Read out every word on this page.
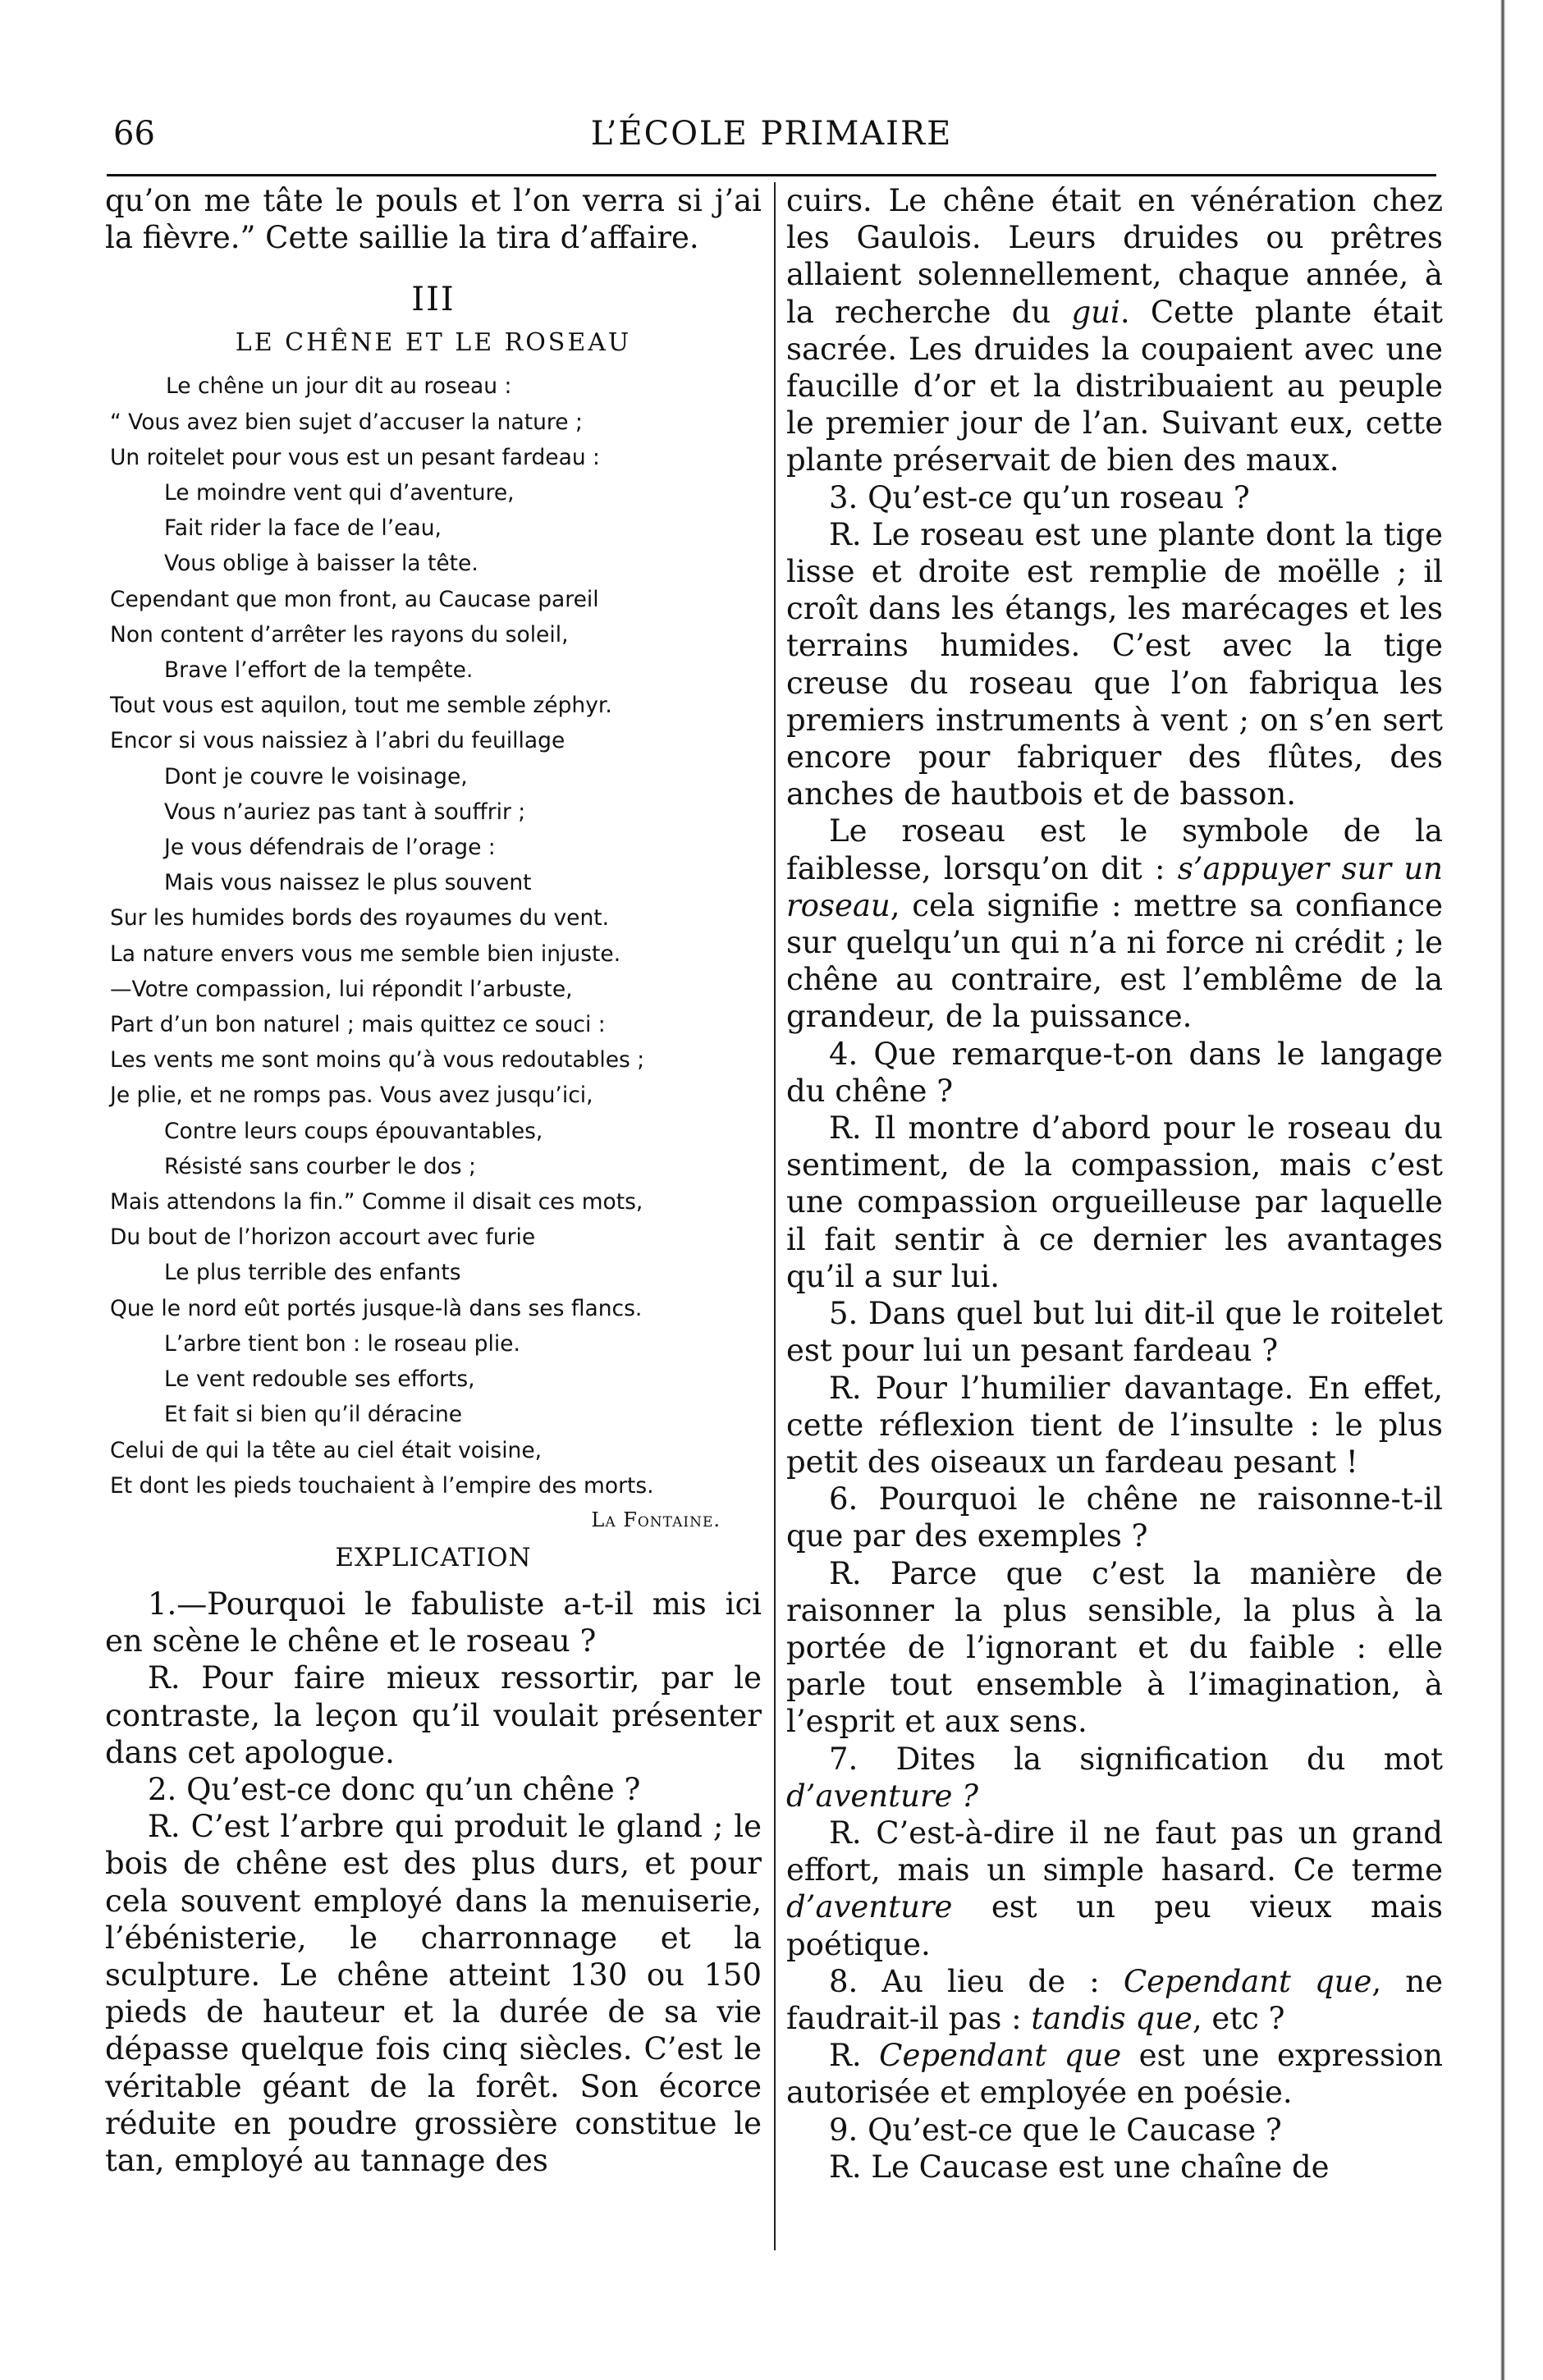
66	L’ÉCOLE PRIMAIRE

qu’on me tâte le pouls et l’on verra si j’ai la fièvre.” Cette saillie la tira d’affaire.

III
LE CHÊNE ET LE ROSEAU
Le chêne un jour dit au roseau :
“ Vous avez bien sujet d’accuser la nature ;
Un roitelet pour vous est un pesant fardeau :
Le moindre vent qui d’aventure,
Fait rider la face de l’eau,
Vous oblige à baisser la tête.
Cependant que mon front, au Caucase pareil
Non content d’arrêter les rayons du soleil,
Brave l’effort de la tempête.
Tout vous est aquilon, tout me semble zéphyr.
Encor si vous naissiez à l’abri du feuillage
Dont je couvre le voisinage,
Vous n’auriez pas tant à souffrir ;
Je vous défendrais de l’orage :
Mais vous naissez le plus souvent
Sur les humides bords des royaumes du vent.
La nature envers vous me semble bien injuste.
—Votre compassion, lui répondit l’arbuste,
Part d’un bon naturel ; mais quittez ce souci :
Les vents me sont moins qu’à vous redoutables ;
Je plie, et ne romps pas. Vous avez jusqu’ici,
Contre leurs coups épouvantables,
Résisté sans courber le dos ;
Mais attendons la fin.” Comme il disait ces mots,
Du bout de l’horizon accourt avec furie
Le plus terrible des enfants
Que le nord eût portés jusque-là dans ses flancs.
L’arbre tient bon : le roseau plie.
Le vent redouble ses efforts,
Et fait si bien qu’il déracine
Celui de qui la tête au ciel était voisine,
Et dont les pieds touchaient à l’empire des morts.
La Fontaine.
EXPLICATION

1.—Pourquoi le fabuliste a-t-il mis ici en scène le chêne et le roseau ?

R. Pour faire mieux ressortir, par le contraste, la leçon qu’il voulait présenter dans cet apologue.

2. Qu’est-ce donc qu’un chêne ?

R. C’est l’arbre qui produit le gland ; le bois de chêne est des plus durs, et pour cela souvent employé dans la menuiserie, l’ébénisterie, le charronnage et la sculpture. Le chêne atteint 130 ou 150 pieds de hauteur et la durée de sa vie dépasse quelque fois cinq siècles. C’est le véritable géant de la forêt. Son écorce réduite en poudre grossière constitue le tan, employé au tannage des

cuirs. Le chêne était en vénération chez les Gaulois. Leurs druides ou prêtres allaient solennellement, chaque année, à la recherche du gui. Cette plante était sacrée. Les druides la coupaient avec une faucille d’or et la distribuaient au peuple le premier jour de l’an. Suivant eux, cette plante préservait de bien des maux.

3. Qu’est-ce qu’un roseau ?

R. Le roseau est une plante dont la tige lisse et droite est remplie de moëlle ; il croît dans les étangs, les marécages et les terrains humides. C’est avec la tige creuse du roseau que l’on fabriqua les premiers instruments à vent ; on s’en sert encore pour fabriquer des flûtes, des anches de hautbois et de basson.

Le roseau est le symbole de la faiblesse, lorsqu’on dit : s’appuyer sur un roseau, cela signifie : mettre sa confiance sur quelqu’un qui n’a ni force ni crédit ; le chêne au contraire, est l’emblême de la grandeur, de la puissance.

4. Que remarque-t-on dans le langage du chêne ?

R. Il montre d’abord pour le roseau du sentiment, de la compassion, mais c’est une compassion orgueilleuse par laquelle il fait sentir à ce dernier les avantages qu’il a sur lui.

5. Dans quel but lui dit-il que le roitelet est pour lui un pesant fardeau ?

R. Pour l’humilier davantage. En effet, cette réflexion tient de l’insulte : le plus petit des oiseaux un fardeau pesant !

6. Pourquoi le chêne ne raisonne-t-il que par des exemples ?

R. Parce que c’est la manière de raisonner la plus sensible, la plus à la portée de l’ignorant et du faible : elle parle tout ensemble à l’imagination, à l’esprit et aux sens.

7. Dites la signification du mot d’aventure ?

R. C’est-à-dire il ne faut pas un grand effort, mais un simple hasard. Ce terme d’aventure est un peu vieux mais poétique.

8. Au lieu de : Cependant que, ne faudrait-il pas : tandis que, etc ?

R. Cependant que est une expression autorisée et employée en poésie.

9. Qu’est-ce que le Caucase ?

R. Le Caucase est une chaîne de
